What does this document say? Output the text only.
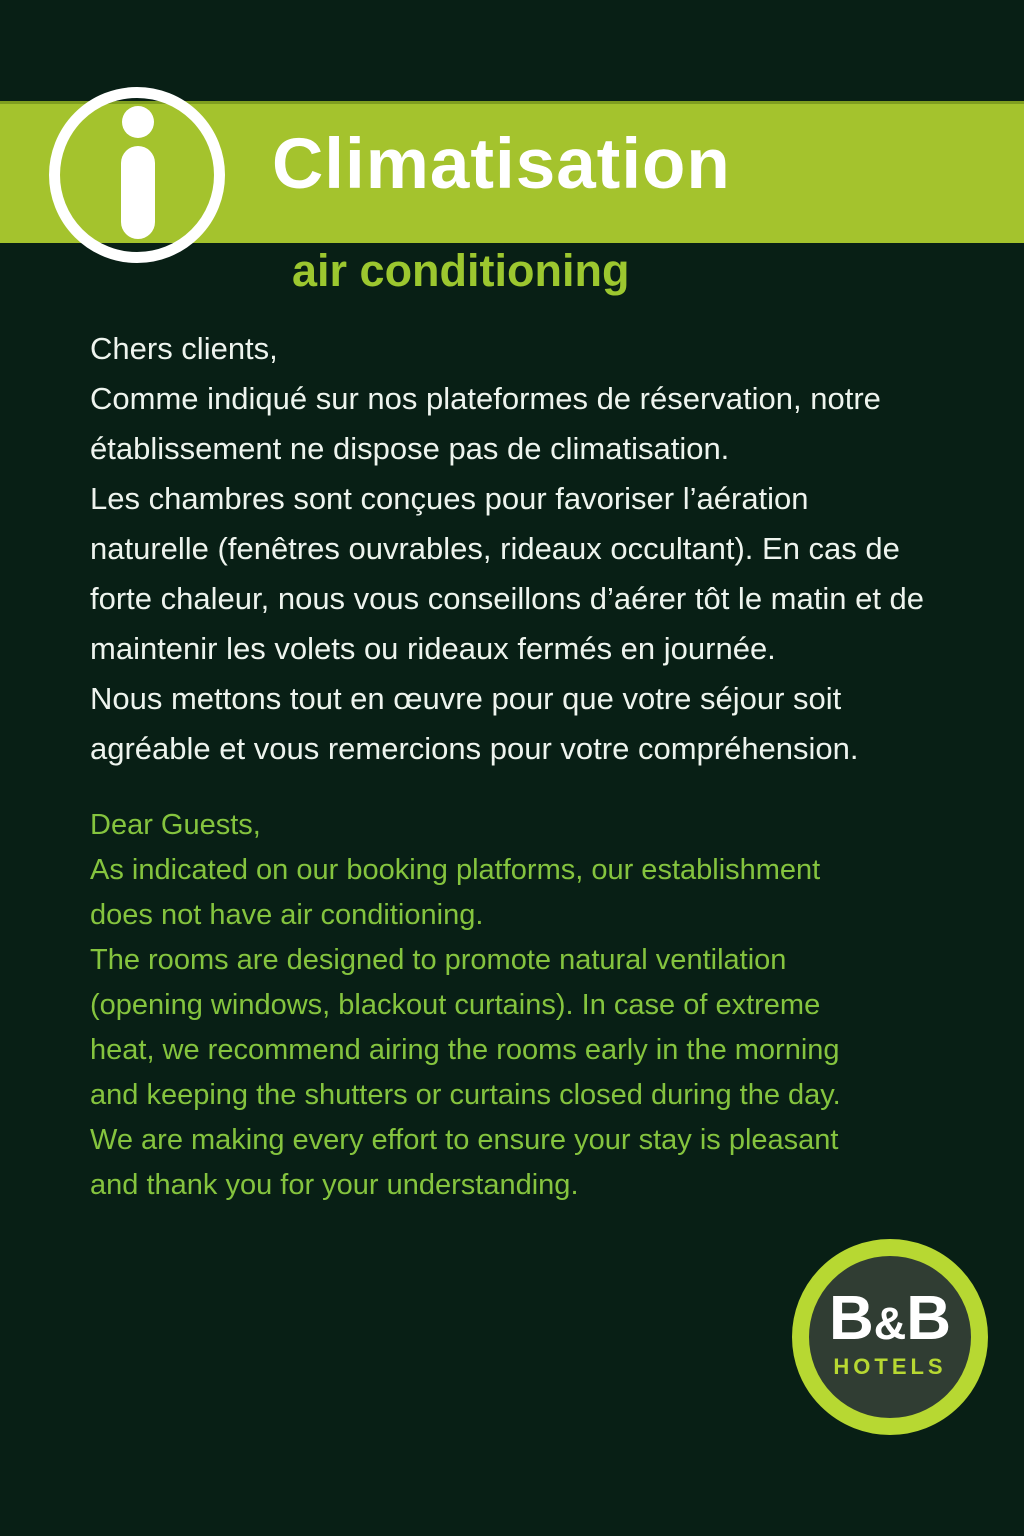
Climatisation
air conditioning
Chers clients,
Comme indiqué sur nos plateformes de réservation, notre
établissement ne dispose pas de climatisation.
Les chambres sont conçues pour favoriser l’aération
naturelle (fenêtres ouvrables, rideaux occultant). En cas de
forte chaleur, nous vous conseillons d’aérer tôt le matin et de
maintenir les volets ou rideaux fermés en journée.
Nous mettons tout en œuvre pour que votre séjour soit
agréable et vous remercions pour votre compréhension.
Dear Guests,
As indicated on our booking platforms, our establishment
does not have air conditioning.
The rooms are designed to promote natural ventilation
(opening windows, blackout curtains). In case of extreme
heat, we recommend airing the rooms early in the morning
and keeping the shutters or curtains closed during the day.
We are making every effort to ensure your stay is pleasant
and thank you for your understanding.
B&B
HOTELS
